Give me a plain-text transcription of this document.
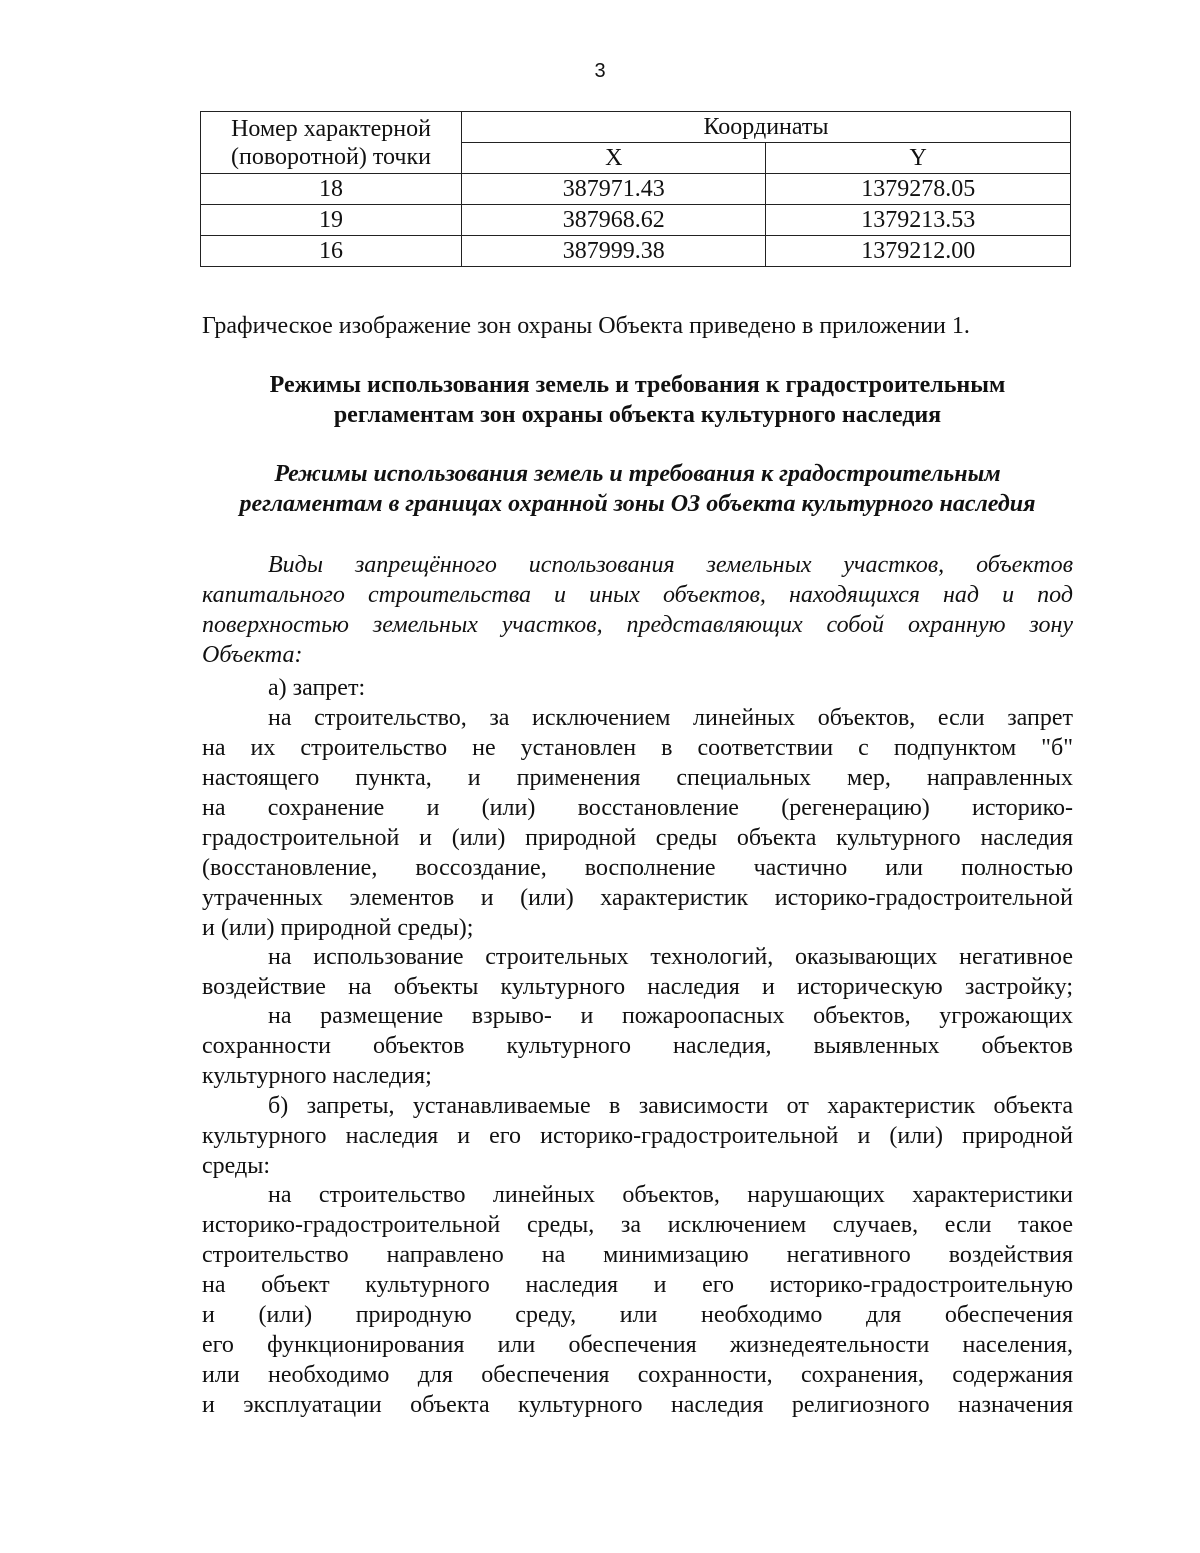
3
Номер характерной
(поворотной) точки	Координаты	
	X	Y
18	387971.43	1379278.05
19	387968.62	1379213.53
16	387999.38	1379212.00

Графическое изображение зон охраны Объекта приведено в приложении 1.

Режимы использования земель и требования к градостроительным
регламентам зон охраны объекта культурного наследия
Режимы использования земель и требования к градостроительным
регламентам в границах охранной зоны ОЗ объекта культурного наследия
Виды запрещённого использования земельных участков, объектов
капитального строительства и иных объектов, находящихся над и под
поверхностью земельных участков, представляющих собой охранную зону
Объекта:
а) запрет:
на строительство, за исключением линейных объектов, если запрет
на их строительство не установлен в соответствии с подпунктом "б"
настоящего пункта, и применения специальных мер, направленных
на сохранение и (или) восстановление (регенерацию) историко-
градостроительной и (или) природной среды объекта культурного наследия
(восстановление, воссоздание, восполнение частично или полностью
утраченных элементов и (или) характеристик историко-градостроительной
и (или) природной среды);
на использование строительных технологий, оказывающих негативное
воздействие на объекты культурного наследия и историческую застройку;
на размещение взрыво- и пожароопасных объектов, угрожающих
сохранности объектов культурного наследия, выявленных объектов
культурного наследия;
б) запреты, устанавливаемые в зависимости от характеристик объекта
культурного наследия и его историко-градостроительной и (или) природной
среды:
на строительство линейных объектов, нарушающих характеристики
историко-градостроительной среды, за исключением случаев, если такое
строительство направлено на минимизацию негативного воздействия
на объект культурного наследия и его историко-градостроительную
и (или) природную среду, или необходимо для обеспечения
его функционирования или обеспечения жизнедеятельности населения,
или необходимо для обеспечения сохранности, сохранения, содержания
и эксплуатации объекта культурного наследия религиозного назначения
